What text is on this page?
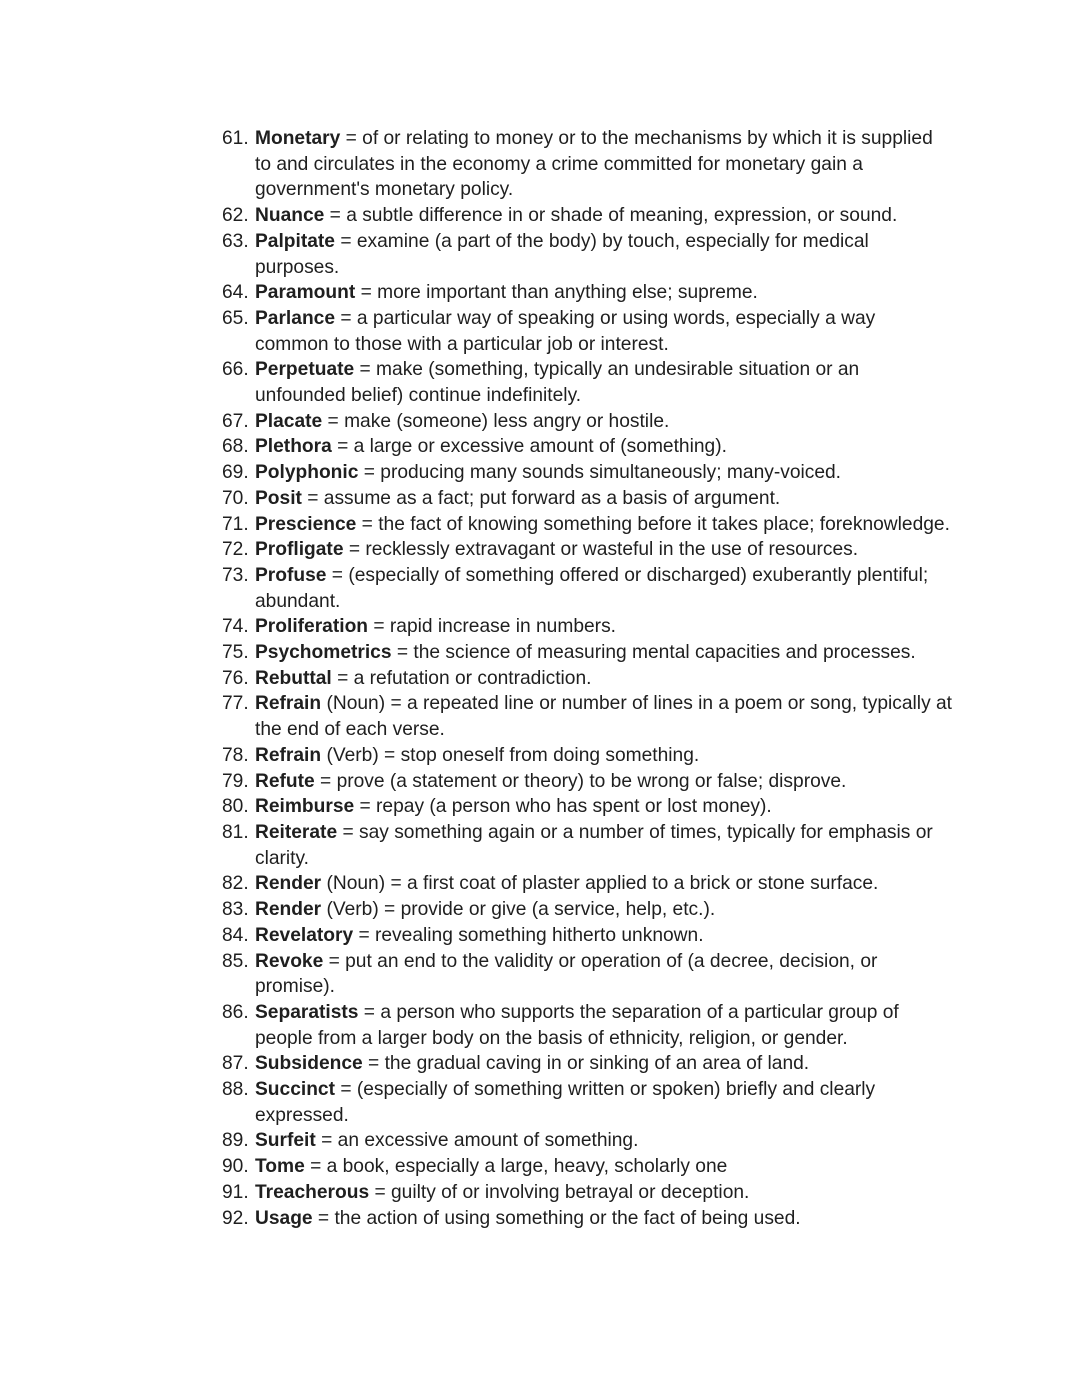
61. Monetary = of or relating to money or to the mechanisms by which it is supplied to and circulates in the economy a crime committed for monetary gain a government's monetary policy.
62. Nuance = a subtle difference in or shade of meaning, expression, or sound.
63. Palpitate = examine (a part of the body) by touch, especially for medical purposes.
64. Paramount = more important than anything else; supreme.
65. Parlance = a particular way of speaking or using words, especially a way common to those with a particular job or interest.
66. Perpetuate = make (something, typically an undesirable situation or an unfounded belief) continue indefinitely.
67. Placate = make (someone) less angry or hostile.
68. Plethora = a large or excessive amount of (something).
69. Polyphonic = producing many sounds simultaneously; many-voiced.
70. Posit = assume as a fact; put forward as a basis of argument.
71. Prescience = the fact of knowing something before it takes place; foreknowledge.
72. Profligate = recklessly extravagant or wasteful in the use of resources.
73. Profuse = (especially of something offered or discharged) exuberantly plentiful; abundant.
74. Proliferation = rapid increase in numbers.
75. Psychometrics = the science of measuring mental capacities and processes.
76. Rebuttal = a refutation or contradiction.
77. Refrain (Noun) = a repeated line or number of lines in a poem or song, typically at the end of each verse.
78. Refrain (Verb) = stop oneself from doing something.
79. Refute = prove (a statement or theory) to be wrong or false; disprove.
80. Reimburse = repay (a person who has spent or lost money).
81. Reiterate = say something again or a number of times, typically for emphasis or clarity.
82. Render (Noun) = a first coat of plaster applied to a brick or stone surface.
83. Render (Verb) = provide or give (a service, help, etc.).
84. Revelatory = revealing something hitherto unknown.
85. Revoke = put an end to the validity or operation of (a decree, decision, or promise).
86. Separatists = a person who supports the separation of a particular group of people from a larger body on the basis of ethnicity, religion, or gender.
87. Subsidence = the gradual caving in or sinking of an area of land.
88. Succinct = (especially of something written or spoken) briefly and clearly expressed.
89. Surfeit = an excessive amount of something.
90. Tome = a book, especially a large, heavy, scholarly one
91. Treacherous = guilty of or involving betrayal or deception.
92. Usage = the action of using something or the fact of being used.
